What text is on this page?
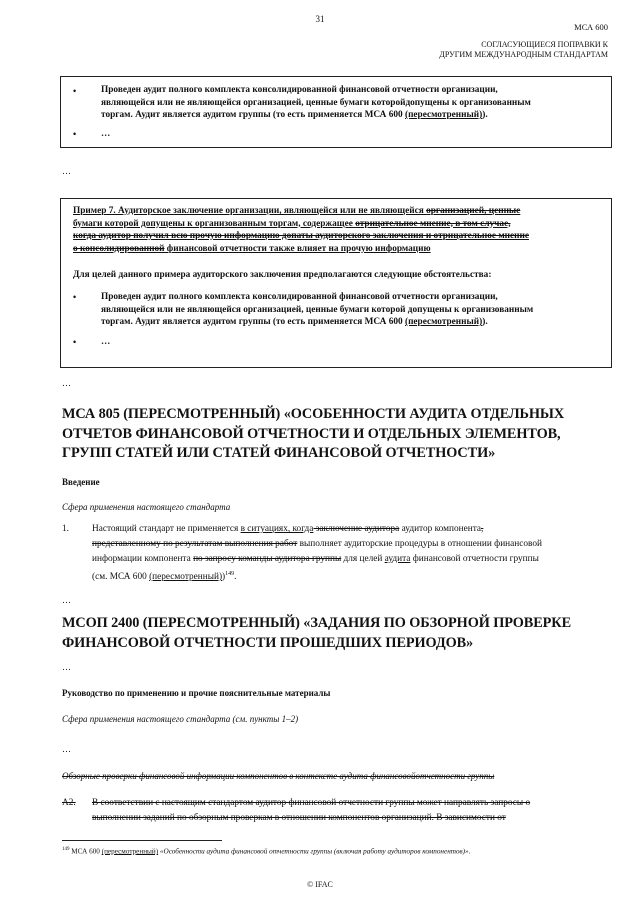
31
МСА 600
СОГЛАСУЮЩИЕСЯ ПОПРАВКИ К
ДРУГИМ МЕЖДУНАРОДНЫМ СТАНДАРТАМ
•	Проведен аудит полного комплекта консолидированной финансовой отчетности организации,
являющейся или не являющейся организацией, ценные бумаги которойдопущены к организованным
торгам. Аудит является аудитом группы (то есть применяется МСА 600 (пересмотренный)).
•	…
…
Пример 7. Аудиторское заключение организации, являющейся или не являющейся организацией, ценные
бумаги которой допущены к организованным торгам, содержащее отрицательное мнение, в том случае,
когда аудитор получил всю прочую информацию допаты аудиторского заключения и отрицательное мнение
о консолидированной финансовой отчетности также влияет на прочую информацию
Для целей данного примера аудиторского заключения предполагаются следующие обстоятельства:
•	Проведен аудит полного комплекта консолидированной финансовой отчетности организации,
являющейся или не являющейся организацией, ценные бумаги которой допущены к организованным
торгам. Аудит является аудитом группы (то есть применяется МСА 600 (пересмотренный)).
•	…
…
МСА 805 (ПЕРЕСМОТРЕННЫЙ) «ОСОБЕННОСТИ АУДИТА ОТДЕЛЬНЫХ
ОТЧЕТОВ ФИНАНСОВОЙ ОТЧЕТНОСТИ И ОТДЕЛЬНЫХ ЭЛЕМЕНТОВ,
ГРУПП СТАТЕЙ ИЛИ СТАТЕЙ ФИНАНСОВОЙ ОТЧЕТНОСТИ»
Введение
Сфера применения настоящего стандарта
1. Настоящий стандарт не применяется в ситуациях, когда заключение аудитора аудитор компонента,
представленному по результатам выполнения работ выполняет аудиторские процедуры в отношении финансовой
информации компонента по запросу команды аудитора группы для целей аудита финансовой отчетности группы
(см. МСА 600 (пересмотренный))$^{149}$.
…
МСОП 2400 (ПЕРЕСМОТРЕННЫЙ) «ЗАДАНИЯ ПО ОБЗОРНОЙ ПРОВЕРКЕ
ФИНАНСОВОЙ ОТЧЕТНОСТИ ПРОШЕДШИХ ПЕРИОДОВ»
…
Руководство по применению и прочие пояснительные материалы
Сфера применения настоящего стандарта (см. пункты 1–2)
…
Обзорные проверки финансовой информации компонентов в контексте аудита финансовойотчетности группы
А2. В соответствии с настоящим стандартом аудитор финансовой отчетности группы может направлять запросы о
выполнении заданий по обзорным проверкам в отношении компонентов организаций. В зависимости от
$^{149}$ МСА 600 (пересмотренный) «Особенности аудита финансовой отчетности группы (включая работу аудиторов компонентов)».
© IFAC
